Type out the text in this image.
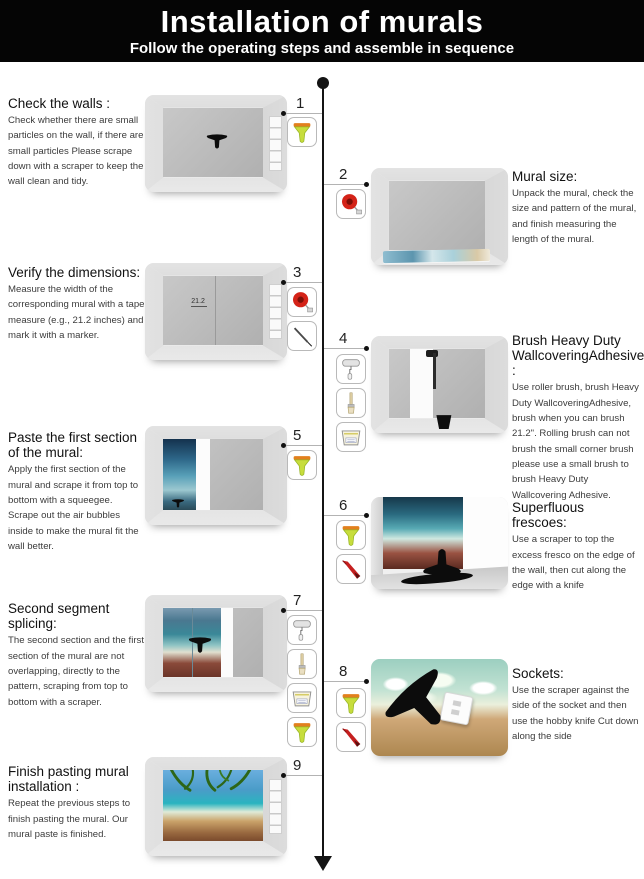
Installation of murals

Follow the operating steps and assemble in sequence

Check the walls :

Check whether there are small particles on the wall, if there are small particles Please scrape down with a scraper to keep the wall clean and tidy.

1
2	Mural size:

Unpack the mural, check the size and pattern of the mural, and finish measuring the length of the mural.

Verify the dimensions:

Measure the width of the corresponding mural with a tape measure (e.g., 21.2 inches) and mark it with a marker.

21.2
3
4	Brush Heavy Duty WallcoveringAdhesive :

Use roller brush, brush Heavy Duty WallcoveringAdhesive, brush when you can brush 21.2". Rolling brush can not brush the small corner brush please use a small brush to brush Heavy Duty Wallcovering Adhesive.

Paste the first section of the mural:

Apply the first section of the mural and scrape it from top to bottom with a squeegee. Scrape out the air bubbles inside to make the mural fit the wall better.

5
6	Superfluous frescoes:

Use a scraper to top the excess fresco on the edge of the wall, then cut along the edge with a knife

Second segment splicing:

The second section and the first section of the mural are not overlapping, directly to the pattern, scraping from top to bottom with a scraper.

7
8	Sockets:

Use the scraper against the side of the socket and then use the hobby knife Cut down along the side

Finish pasting mural installation :

Repeat the previous steps to finish pasting the mural. Our mural paste is finished.

9
